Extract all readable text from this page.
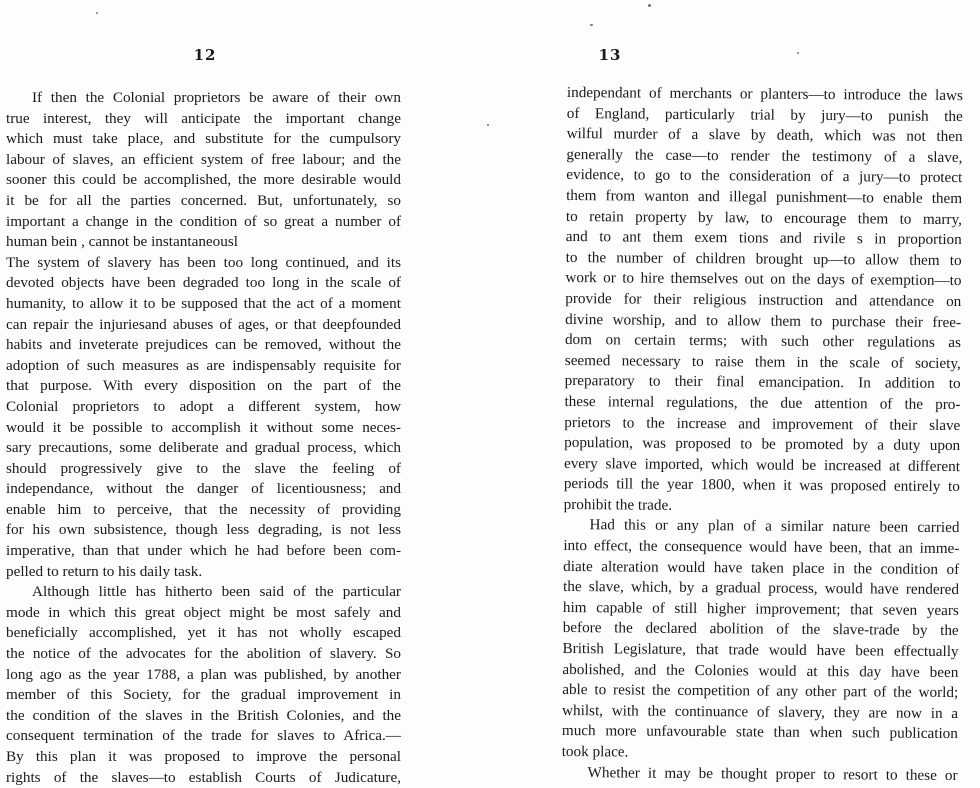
12
If then the Colonial proprietors be aware of their own
true interest, they will anticipate the important change
which must take place, and substitute for the cumpulsory
labour of slaves, an efficient system of free labour; and the
sooner this could be accomplished, the more desirable would
it be for all the parties concerned. But, unfortunately, so
important a change in the condition of so great a number of
human bein , cannot be instantaneousl
The system of slavery has been too long continued, and its
devoted objects have been degraded too long in the scale of
humanity, to allow it to be supposed that the act of a moment
can repair the injuriesand abuses of ages, or that deepfounded
habits and inveterate prejudices can be removed, without the
adoption of such measures as are indispensably requisite for
that purpose. With every disposition on the part of the
Colonial proprietors to adopt a different system, how
would it be possible to accomplish it without some neces-
sary precautions, some deliberate and gradual process, which
should progressively give to the slave the feeling of
independance, without the danger of licentiousness; and
enable him to perceive, that the necessity of providing
for his own subsistence, though less degrading, is not less
imperative, than that under which he had before been com-
pelled to return to his daily task.
Although little has hitherto been said of the particular
mode in which this great object might be most safely and
beneficially accomplished, yet it has not wholly escaped
the notice of the advocates for the abolition of slavery. So
long ago as the year 1788, a plan was published, by another
member of this Society, for the gradual improvement in
the condition of the slaves in the British Colonies, and the
consequent termination of the trade for slaves to Africa.—
By this plan it was proposed to improve the personal
rights of the slaves—to establish Courts of Judicature,
13
independant of merchants or planters—to introduce the laws
of England, particularly trial by jury—to punish the
wilful murder of a slave by death, which was not then
generally the case—to render the testimony of a slave,
evidence, to go to the consideration of a jury—to protect
them from wanton and illegal punishment—to enable them
to retain property by law, to encourage them to marry,
and to ant them exem tions and rivile s in proportion
to the number of children brought up—to allow them to
work or to hire themselves out on the days of exemption—to
provide for their religious instruction and attendance on
divine worship, and to allow them to purchase their free-
dom on certain terms; with such other regulations as
seemed necessary to raise them in the scale of society,
preparatory to their final emancipation. In addition to
these internal regulations, the due attention of the pro-
prietors to the increase and improvement of their slave
population, was proposed to be promoted by a duty upon
every slave imported, which would be increased at different
periods till the year 1800, when it was proposed entirely to
prohibit the trade.
Had this or any plan of a similar nature been carried
into effect, the consequence would have been, that an imme-
diate alteration would have taken place in the condition of
the slave, which, by a gradual process, would have rendered
him capable of still higher improvement; that seven years
before the declared abolition of the slave-trade by the
British Legislature, that trade would have been effectually
abolished, and the Colonies would at this day have been
able to resist the competition of any other part of the world;
whilst, with the continuance of slavery, they are now in a
much more unfavourable state than when such publication
took place.
Whether it may be thought proper to resort to these or
